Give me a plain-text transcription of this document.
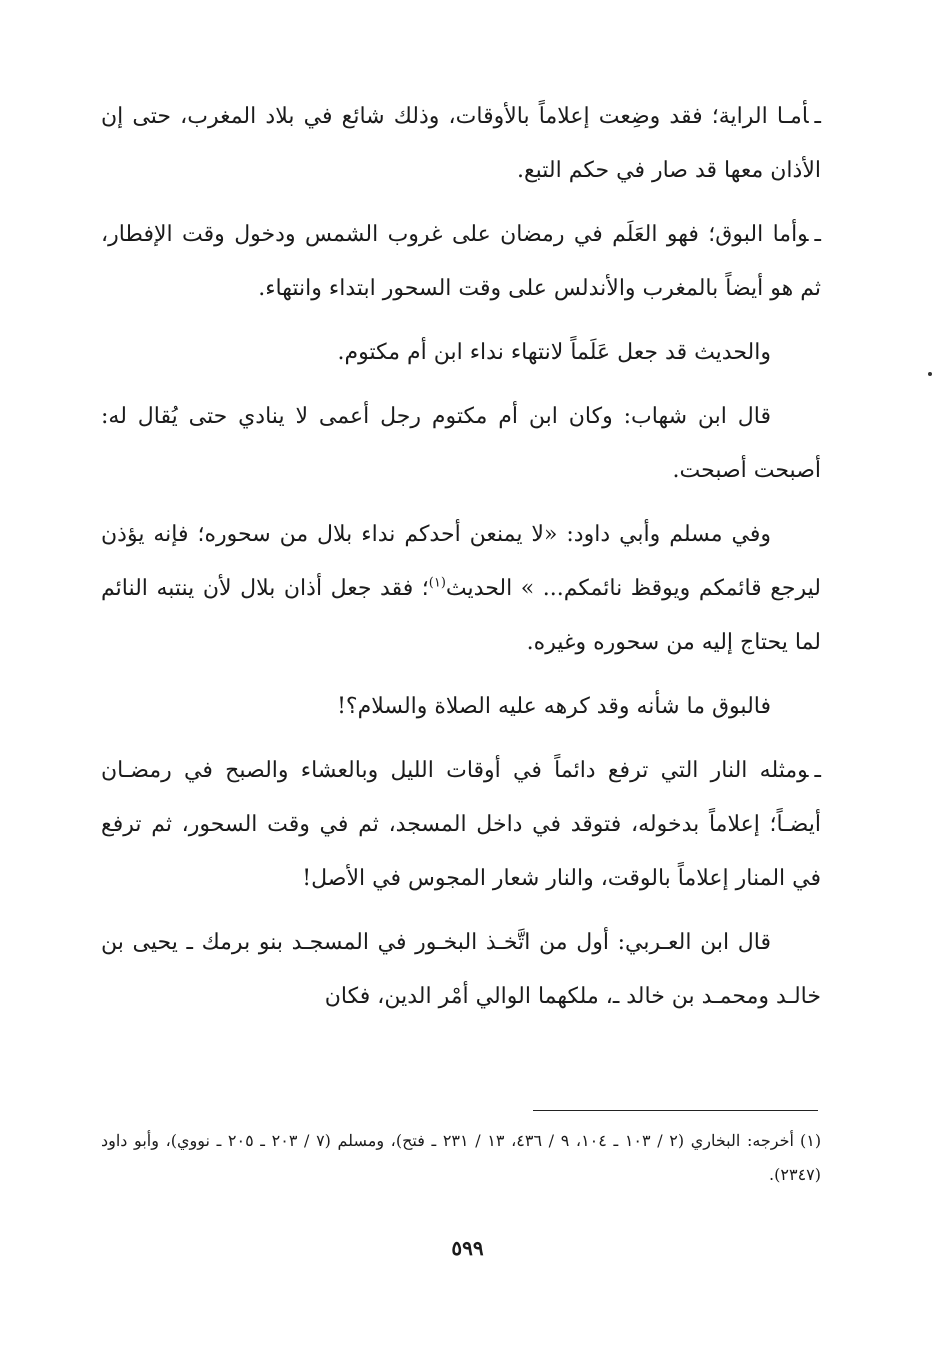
ـأمـا الراية؛ فقد وضِعت إعلاماً بالأوقات، وذلك شائع في بلاد المغرب، حتى إن الأذان معها قد صار في حكم التبع.

ـوأما البوق؛ فهو العَلَم في رمضان على غروب الشمس ودخول وقت الإفطار، ثم هو أيضاً بالمغرب والأندلس على وقت السحور ابتداء وانتهاء.

والحديث قد جعل عَلَماً لانتهاء نداء ابن أم مكتوم.

قال ابن شهاب: وكان ابن أم مكتوم رجل أعمى لا ينادي حتى يُقال له: أصبحت أصبحت.

وفي مسلم وأبي داود: «لا يمنعن أحدكم نداء بلال من سحوره؛ فإنه يؤذن ليرجع قائمكم ويوقظ نائمكم... » الحديث$^{(١)}$؛ فقد جعل أذان بلال لأن ينتبه النائم لما يحتاج إليه من سحوره وغيره.

فالبوق ما شأنه وقد كرهه عليه الصلاة والسلام؟!

ـومثله النار التي ترفع دائماً في أوقات الليل وبالعشاء والصبح في رمضـان أيضـاً؛ إعلاماً بدخوله، فتوقد في داخل المسجد، ثم في وقت السحور، ثم ترفع في المنار إعلاماً بالوقت، والنار شعار المجوس في الأصل!

قال ابن العـربي: أول من اتَّخـذ البخـور في المسجـد بنو برمك ـ يحيى بن خالـد ومحمـد بن خالد ـ، ملكهما الوالي أمْر الدين، فكان

(١)أخرجه: البخاري (٢ / ١٠٣ ـ ١٠٤، ٩ / ٤٣٦، ١٣ / ٢٣١ ـ فتح)، ومسلم (٧ / ٢٠٣ ـ ٢٠٥ ـ نووي)، وأبو داود (٢٣٤٧).

٥٩٩
